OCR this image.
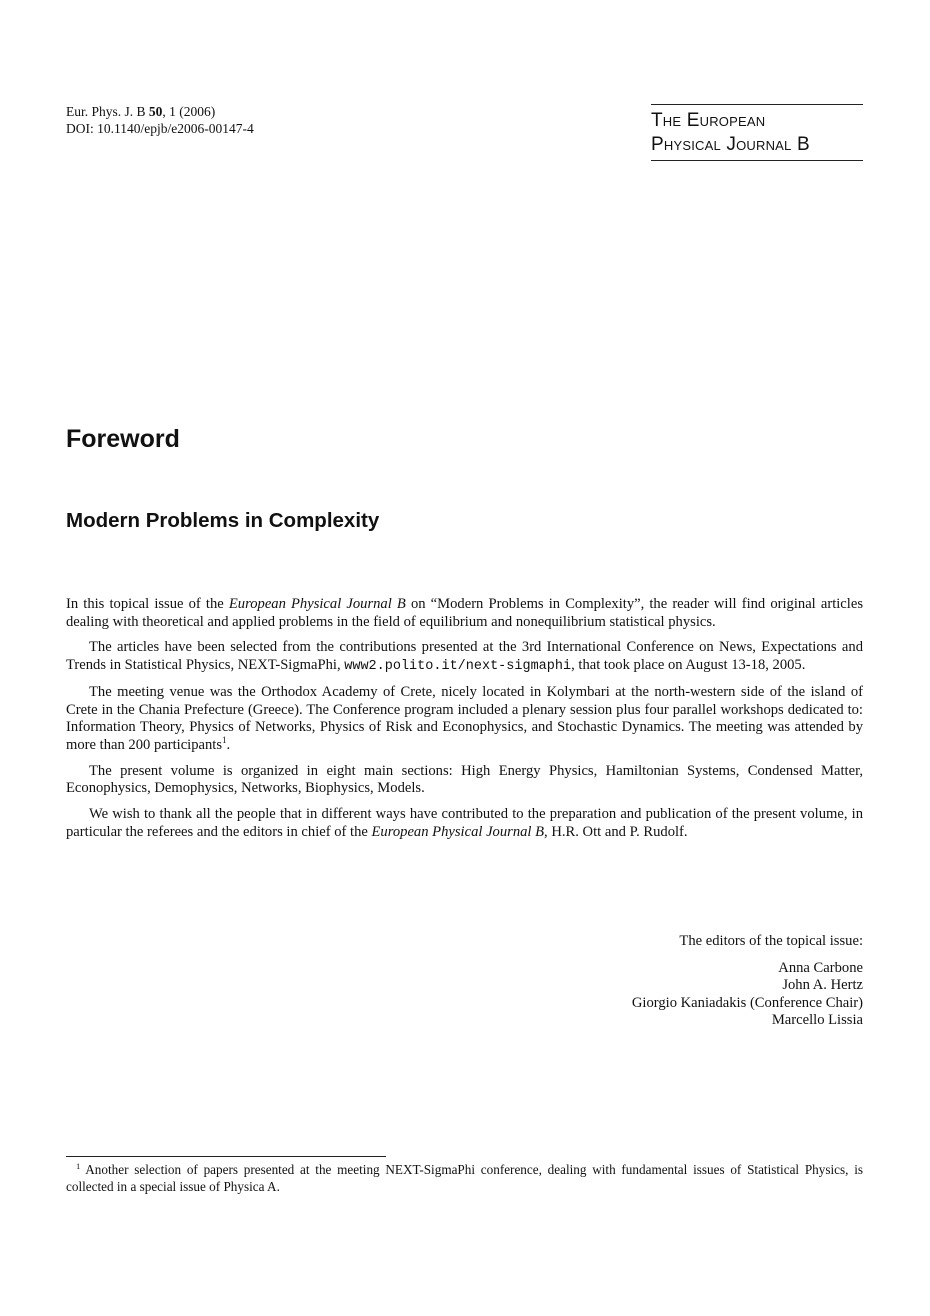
Eur. Phys. J. B 50, 1 (2006)
DOI: 10.1140/epjb/e2006-00147-4	The European
Physical Journal B
Foreword
Modern Problems in Complexity

In this topical issue of the European Physical Journal B on “Modern Problems in Complexity”, the reader will find original articles dealing with theoretical and applied problems in the field of equilibrium and nonequilibrium statistical physics.

The articles have been selected from the contributions presented at the 3rd International Conference on News, Expectations and Trends in Statistical Physics, NEXT-SigmaPhi, www2.polito.it/next-sigmaphi, that took place on August 13-18, 2005.

The meeting venue was the Orthodox Academy of Crete, nicely located in Kolymbari at the north-western side of the island of Crete in the Chania Prefecture (Greece). The Conference program included a plenary session plus four parallel workshops dedicated to: Information Theory, Physics of Networks, Physics of Risk and Econophysics, and Stochastic Dynamics. The meeting was attended by more than 200 participants$^1$.

The present volume is organized in eight main sections: High Energy Physics, Hamiltonian Systems, Condensed Matter, Econophysics, Demophysics, Networks, Biophysics, Models.

We wish to thank all the people that in different ways have contributed to the preparation and publication of the present volume, in particular the referees and the editors in chief of the European Physical Journal B, H.R. Ott and P. Rudolf.

The editors of the topical issue:
Anna Carbone
John A. Hertz
Giorgio Kaniadakis (Conference Chair)
Marcello Lissia
$^1$ Another selection of papers presented at the meeting NEXT-SigmaPhi conference, dealing with fundamental issues of Statistical Physics, is collected in a special issue of Physica A.
